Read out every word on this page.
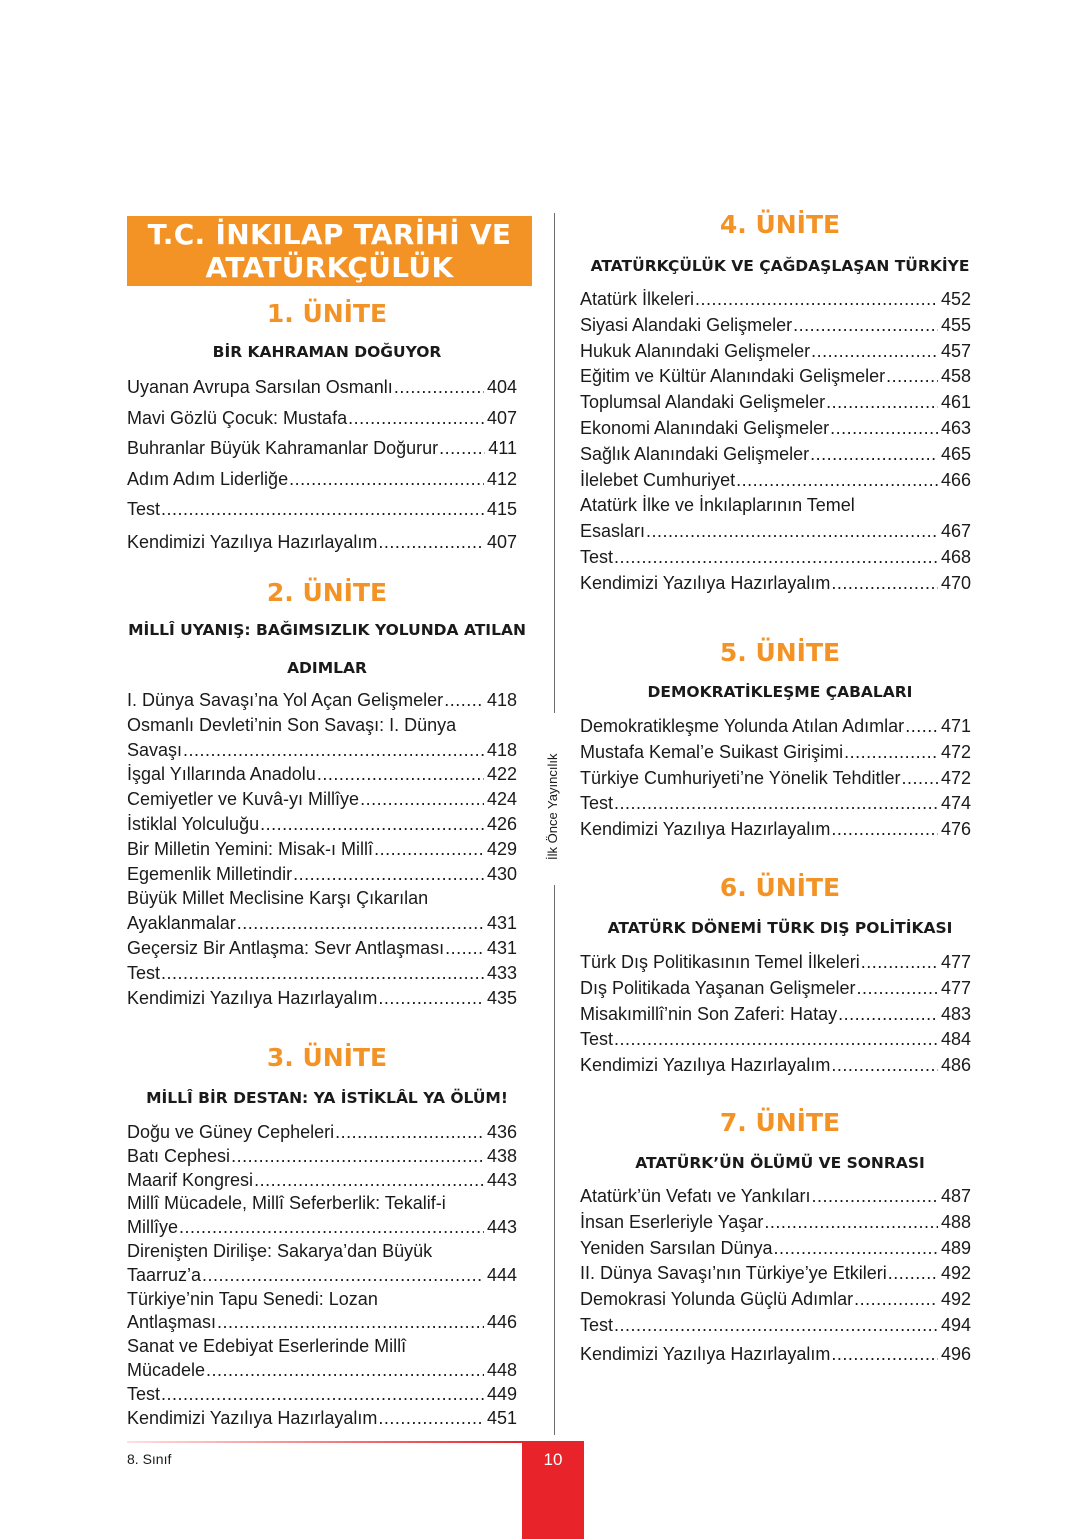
T.C. İNKILAP TARİHİ VE
ATATÜRKÇÜLÜK
1. ÜNİTE
BİR KAHRAMAN DOĞUYOR
Uyanan Avrupa Sarsılan Osmanlı .....	404
Mavi Gözlü Çocuk: Mustafa .....	407
Buhranlar Büyük Kahramanlar Doğurur .....	411
Adım Adım Liderliğe .....	412
Test .....	415
Kendimizi Yazılıya Hazırlayalım .....	407
2. ÜNİTE
MİLLÎ UYANIŞ: BAĞIMSIZLIK YOLUNDA ATILAN
ADIMLAR
I. Dünya Savaşı’na Yol Açan Gelişmeler ..... 418
Osmanlı Devleti’nin Son Savaşı: I. Dünya
Savaşı .....	418
İşgal Yıllarında Anadolu .....	422
Cemiyetler ve Kuvâ-yı Millîye .....	424
İstiklal Yolculuğu .....	426
Bir Milletin Yemini: Misak-ı Millî .....	429
Egemenlik Milletindir .....	430
Büyük Millet Meclisine Karşı Çıkarılan
Ayaklanmalar .....	431
Geçersiz Bir Antlaşma: Sevr Antlaşması ..... 431
Test .....	433
Kendimizi Yazılıya Hazırlayalım .....	435
3. ÜNİTE
MİLLÎ BİR DESTAN: YA İSTİKLÂL YA ÖLÜM!
Doğu ve Güney Cepheleri .....	436
Batı Cephesi .....	438
Maarif Kongresi .....	443
Millî Mücadele, Millî Seferberlik: Tekalif-i
Millîye .....	443
Direnişten Dirilişe: Sakarya’dan Büyük
Taarruz’a .....	444
Türkiye’nin Tapu Senedi: Lozan
Antlaşması .....	446
Sanat ve Edebiyat Eserlerinde Millî
Mücadele .....	448
Test .....	449
Kendimizi Yazılıya Hazırlayalım .....	451
İlk Önce Yayıncılık
4. ÜNİTE
ATATÜRKÇÜLÜK VE ÇAĞDAŞLAŞAN TÜRKİYE
Atatürk İlkeleri .....	452
Siyasi Alandaki Gelişmeler .....	455
Hukuk Alanındaki Gelişmeler .....	457
Eğitim ve Kültür Alanındaki Gelişmeler .....	458
Toplumsal Alandaki Gelişmeler .....	461
Ekonomi Alanındaki Gelişmeler .....	463
Sağlık Alanındaki Gelişmeler .....	465
İlelebet Cumhuriyet .....	466
Atatürk İlke ve İnkılaplarının Temel
Esasları .....	467
Test .....	468
Kendimizi Yazılıya Hazırlayalım .....	470
5. ÜNİTE
DEMOKRATİKLEŞME ÇABALARI
Demokratikleşme Yolunda Atılan Adımlar ..... 471
Mustafa Kemal’e Suikast Girişimi .....	472
Türkiye Cumhuriyeti’ne Yönelik Tehditler ..... 472
Test .....	474
Kendimizi Yazılıya Hazırlayalım .....	476
6. ÜNİTE
ATATÜRK DÖNEMİ TÜRK DIŞ POLİTİKASI
Türk Dış Politikasının Temel İlkeleri .....	477
Dış Politikada Yaşanan Gelişmeler .....	477
Misakımillî’nin Son Zaferi: Hatay .....	483
Test .....	484
Kendimizi Yazılıya Hazırlayalım .....	486
7. ÜNİTE
ATATÜRK’ÜN ÖLÜMÜ VE SONRASI
Atatürk’ün Vefatı ve Yankıları .....	487
İnsan Eserleriyle Yaşar .....	488
Yeniden Sarsılan Dünya .....	489
II. Dünya Savaşı’nın Türkiye’ye Etkileri .....	492
Demokrasi Yolunda Güçlü Adımlar .....	492
Test .....	494
Kendimizi Yazılıya Hazırlayalım .....	496
8. Sınıf	10
